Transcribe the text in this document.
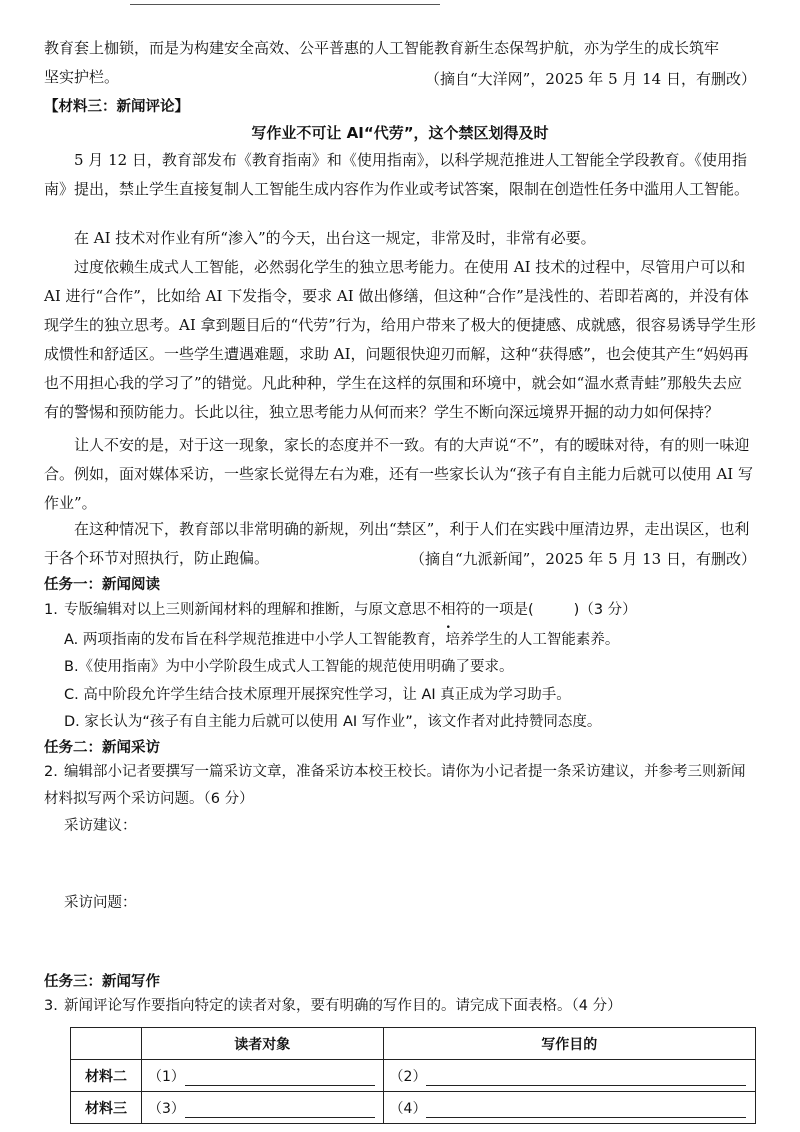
教育套上枷锁，而是为构建安全高效、公平普惠的人工智能教育新生态保驾护航，亦为学生的成长筑牢

坚实护栏。	（摘自“大洋网”，2025 年 5 月 14 日，有删改）
【材料三：新闻评论】
写作业不可让 AI“代劳”，这个禁区划得及时

5 月 12 日，教育部发布《教育指南》和《使用指南》，以科学规范推进人工智能全学段教育。《使用指南》提出，禁止学生直接复制人工智能生成内容作为作业或考试答案，限制在创造性任务中滥用人工智能。

在 AI 技术对作业有所“渗入”的今天，出台这一规定，非常及时，非常有必要。

过度依赖生成式人工智能，必然弱化学生的独立思考能力。在使用 AI 技术的过程中，尽管用户可以和 AI 进行“合作”，比如给 AI 下发指令，要求 AI 做出修缮，但这种“合作”是浅性的、若即若离的，并没有体现学生的独立思考。AI 拿到题目后的“代劳”行为，给用户带来了极大的便捷感、成就感，很容易诱导学生形成惯性和舒适区。一些学生遭遇难题，求助 AI，问题很快迎刃而解，这种“获得感”，也会使其产生“妈妈再也不用担心我的学习了”的错觉。凡此种种，学生在这样的氛围和环境中，就会如“温水煮青蛙”那般失去应有的警惕和预防能力。长此以往，独立思考能力从何而来？学生不断向深远境界开掘的动力如何保持？

让人不安的是，对于这一现象，家长的态度并不一致。有的大声说“不”，有的暧昧对待，有的则一味迎合。例如，面对媒体采访，一些家长觉得左右为难，还有一些家长认为“孩子有自主能力后就可以使用 AI 写作业”。

在这种情况下，教育部以非常明确的新规，列出“禁区”，利于人们在实践中厘清边界，走出误区，也利于各个环节对照执行，防止跑偏。	（摘自“九派新闻”，2025 年 5 月 13 日，有删改）
任务一：新闻阅读
1. 专版编辑对以上三则新闻材料的理解和推断，与原文意思不相符的一项是(	)（3 分）
A. 两项指南的发布旨在科学规范推进中小学人工智能教育，培养学生的人工智能素养。
B.《使用指南》为中小学阶段生成式人工智能的规范使用明确了要求。
C. 高中阶段允许学生结合技术原理开展探究性学习，让 AI 真正成为学习助手。
D. 家长认为“孩子有自主能力后就可以使用 AI 写作业”，该文作者对此持赞同态度。
任务二：新闻采访
2. 编辑部小记者要撰写一篇采访文章，准备采访本校王校长。请你为小记者提一条采访建议，并参考三则新闻材料拟写两个采访问题。（6 分）
采访建议：
采访问题：
任务三：新闻写作
3. 新闻评论写作要指向特定的读者对象，要有明确的写作目的。请完成下面表格。（4 分）
	读者对象	写作目的
材料二	（1）	（2）
材料三	（3）	（4）
